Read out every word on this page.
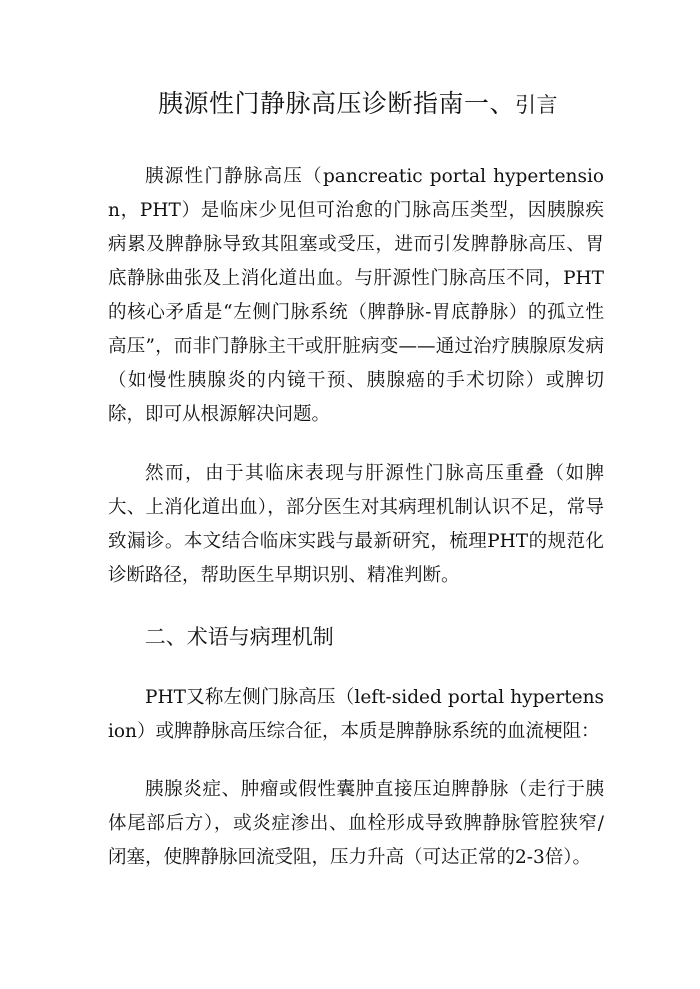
胰源性门静脉高压诊断指南一、引言

胰源性门静脉高压（pancreatic portal hypertension，PHT）是临床少见但可治愈的门脉高压类型，因胰腺疾病累及脾静脉导致其阻塞或受压，进而引发脾静脉高压、胃底静脉曲张及上消化道出血。与肝源性门脉高压不同，PHT的核心矛盾是“左侧门脉系统（脾静脉-胃底静脉）的孤立性高压”，而非门静脉主干或肝脏病变——通过治疗胰腺原发病（如慢性胰腺炎的内镜干预、胰腺癌的手术切除）或脾切除，即可从根源解决问题。

然而，由于其临床表现与肝源性门脉高压重叠（如脾大、上消化道出血），部分医生对其病理机制认识不足，常导致漏诊。本文结合临床实践与最新研究，梳理PHT的规范化诊断路径，帮助医生早期识别、精准判断。

二、术语与病理机制

PHT又称左侧门脉高压（left-sided portal hypertension）或脾静脉高压综合征，本质是脾静脉系统的血流梗阻：

胰腺炎症、肿瘤或假性囊肿直接压迫脾静脉（走行于胰体尾部后方），或炎症渗出、血栓形成导致脾静脉管腔狭窄/闭塞，使脾静脉回流受阻，压力升高（可达正常的2-3倍）。
